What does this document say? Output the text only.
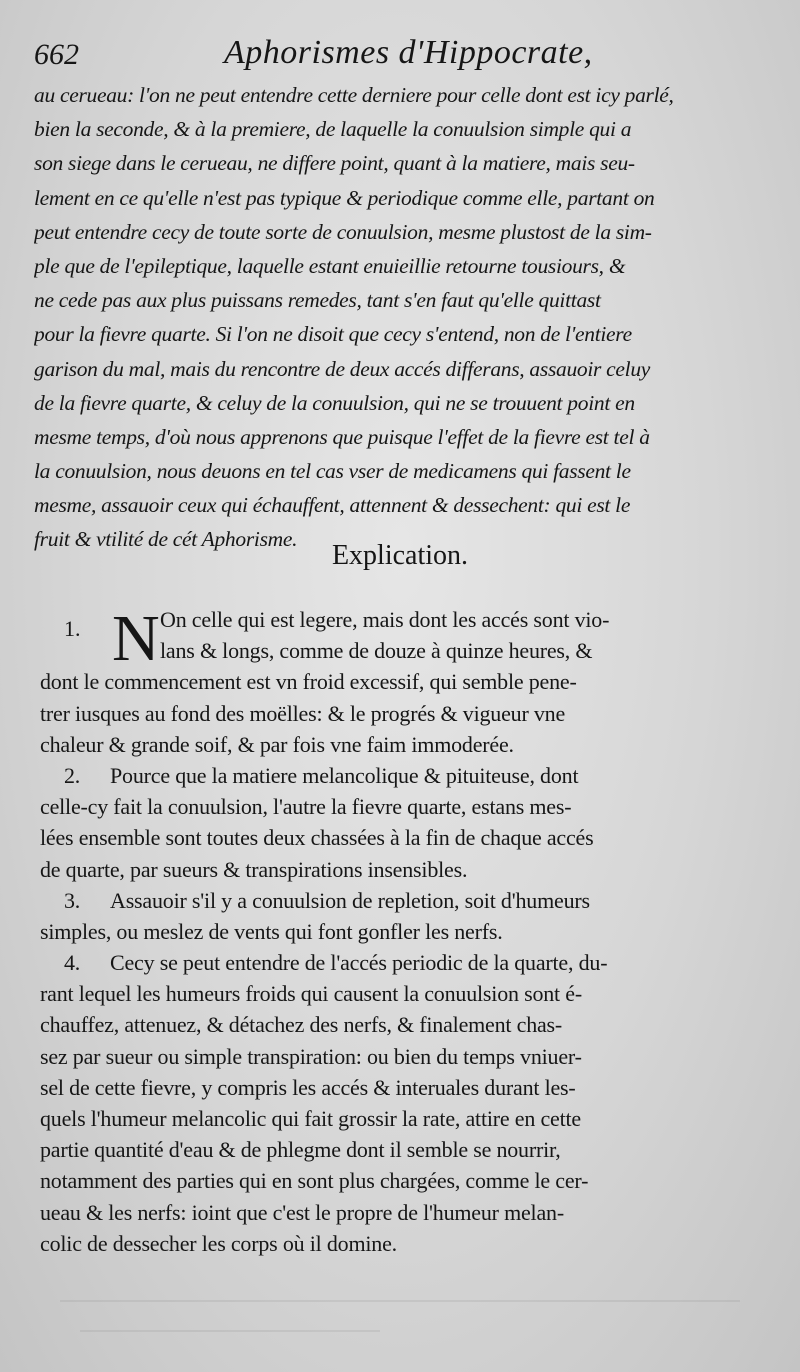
662	Aphorismes d'Hippocrate,
au cerueau: l'on ne peut entendre cette derniere pour celle dont est icy parlé,
bien la seconde, & à la premiere, de laquelle la conuulsion simple qui a
son siege dans le cerueau, ne differe point, quant à la matiere, mais seu-
lement en ce qu'elle n'est pas typique & periodique comme elle, partant on
peut entendre cecy de toute sorte de conuulsion, mesme plustost de la sim-
ple que de l'epileptique, laquelle estant enuieillie retourne tousiours, &
ne cede pas aux plus puissans remedes, tant s'en faut qu'elle quittast
pour la fievre quarte. Si l'on ne disoit que cecy s'entend, non de l'entiere
garison du mal, mais du rencontre de deux accés differans, assauoir celuy
de la fievre quarte, & celuy de la conuulsion, qui ne se trouuent point en
mesme temps, d'où nous apprenons que puisque l'effet de la fievre est tel à
la conuulsion, nous deuons en tel cas vser de medicamens qui fassent le
mesme, assauoir ceux qui échauffent, attennent & dessechent: qui est le
fruit & vtilité de cét Aphorisme.
Explication.
1. N On celle qui est legere, mais dont les accés sont vio-
lans & longs, comme de douze à quinze heures, &
dont le commencement est vn froid excessif, qui semble pene-
trer iusques au fond des moëlles: & le progrés & vigueur vne
chaleur & grande soif, & par fois vne faim immoderée.
2. Pource que la matiere melancolique & pituiteuse, dont
celle-cy fait la conuulsion, l'autre la fievre quarte, estans mes-
lées ensemble sont toutes deux chassées à la fin de chaque accés
de quarte, par sueurs & transpirations insensibles.
3. Assauoir s'il y a conuulsion de repletion, soit d'humeurs
simples, ou meslez de vents qui font gonfler les nerfs.
4. Cecy se peut entendre de l'accés periodic de la quarte, du-
rant lequel les humeurs froids qui causent la conuulsion sont é-
chauffez, attenuez, & détachez des nerfs, & finalement chas-
sez par sueur ou simple transpiration: ou bien du temps vniuer-
sel de cette fievre, y compris les accés & interuales durant les-
quels l'humeur melancolic qui fait grossir la rate, attire en cette
partie quantité d'eau & de phlegme dont il semble se nourrir,
notamment des parties qui en sont plus chargées, comme le cer-
ueau & les nerfs: ioint que c'est le propre de l'humeur melan-
colic de dessecher les corps où il domine.
